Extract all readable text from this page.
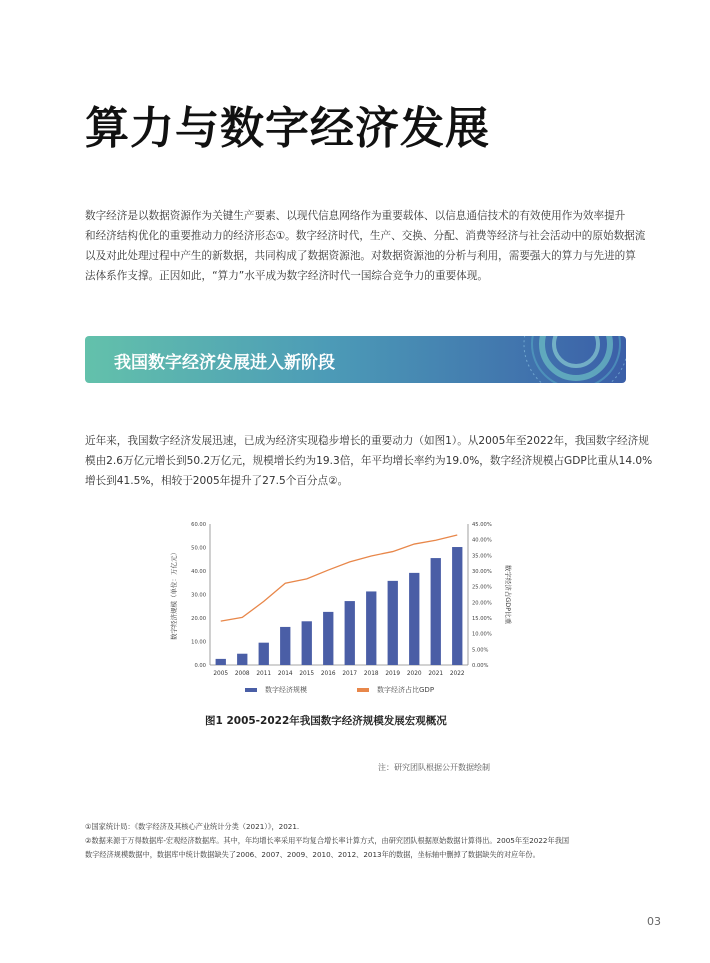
算力与数字经济发展

数字经济是以数据资源作为关键生产要素、以现代信息网络作为重要载体、以信息通信技术的有效使用作为效率提升
和经济结构优化的重要推动力的经济形态①。数字经济时代，生产、交换、分配、消费等经济与社会活动中的原始数据流
以及对此处理过程中产生的新数据，共同构成了数据资源池。对数据资源池的分析与利用，需要强大的算力与先进的算
法体系作支撑。正因如此，“算力”水平成为数字经济时代一国综合竞争力的重要体现。

我国数字经济发展进入新阶段

近年来，我国数字经济发展迅速，已成为经济实现稳步增长的重要动力（如图1）。从2005年至2022年，我国数字经济规
模由2.6万亿元增长到50.2万亿元，规模增长约为19.3倍，年平均增长率约为19.0%，数字经济规模占GDP比重从14.0%
增长到41.5%，相较于2005年提升了27.5个百分点②。

0.00
10.00
20.00
30.00
40.00
50.00
60.00
0.00%
5.00%
10.00%
15.00%
20.00%
25.00%
30.00%
35.00%
40.00%
45.00%
2005 2008 2011 2014 2015 2016 2017 2018 2019 2020 2021 2022
数字经济规模（单位：万亿元）	数字经济占GDP比重
数字经济规模	数字经济占比GDP
图1 2005-2022年我国数字经济规模发展宏观概况
注：研究团队根据公开数据绘制
①国家统计局：《数字经济及其核心产业统计分类（2021）》，2021.
②数据来源于万得数据库-宏观经济数据库。其中，年均增长率采用平均复合增长率计算方式，由研究团队根据原始数据计算得出。2005年至2022年我国
数字经济规模数据中，数据库中统计数据缺失了2006、2007、2009、2010、2012、2013年的数据，坐标轴中删掉了数据缺失的对应年份。
03
